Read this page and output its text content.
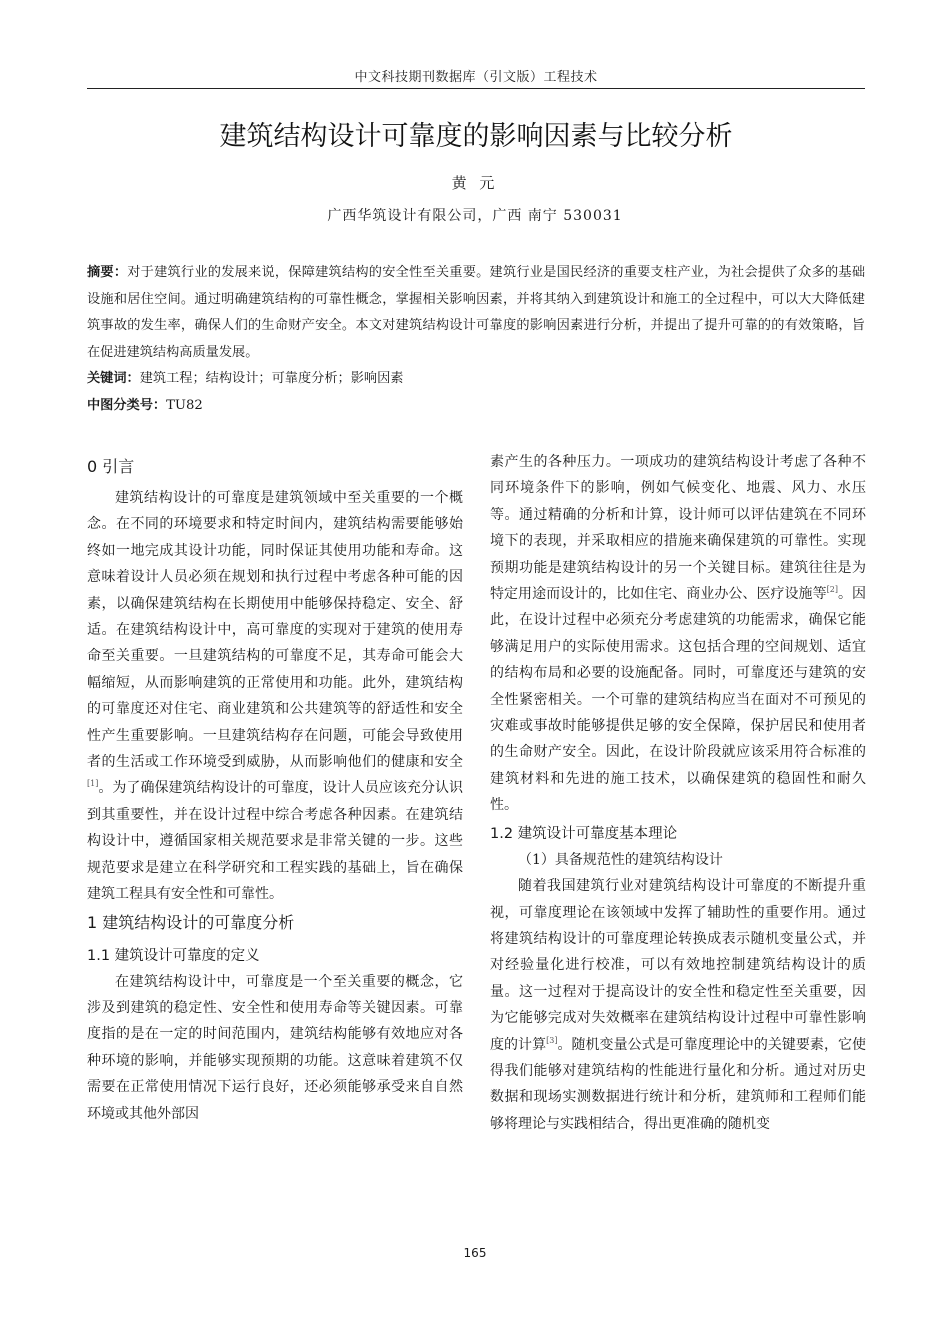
中文科技期刊数据库（引文版）工程技术
建筑结构设计可靠度的影响因素与比较分析
黄 元
广西华筑设计有限公司，广西 南宁 530031

摘要：对于建筑行业的发展来说，保障建筑结构的安全性至关重要。建筑行业是国民经济的重要支柱产业，为社会提供了众多的基础设施和居住空间。通过明确建筑结构的可靠性概念，掌握相关影响因素，并将其纳入到建筑设计和施工的全过程中，可以大大降低建筑事故的发生率，确保人们的生命财产安全。本文对建筑结构设计可靠度的影响因素进行分析，并提出了提升可靠的的有效策略，旨在促进建筑结构高质量发展。

关键词：建筑工程；结构设计；可靠度分析；影响因素

中图分类号：TU82

0 引言

建筑结构设计的可靠度是建筑领域中至关重要的一个概念。在不同的环境要求和特定时间内，建筑结构需要能够始终如一地完成其设计功能，同时保证其使用功能和寿命。这意味着设计人员必须在规划和执行过程中考虑各种可能的因素，以确保建筑结构在长期使用中能够保持稳定、安全、舒适。在建筑结构设计中，高可靠度的实现对于建筑的使用寿命至关重要。一旦建筑结构的可靠度不足，其寿命可能会大幅缩短，从而影响建筑的正常使用和功能。此外，建筑结构的可靠度还对住宅、商业建筑和公共建筑等的舒适性和安全性产生重要影响。一旦建筑结构存在问题，可能会导致使用者的生活或工作环境受到威胁，从而影响他们的健康和安全[1]。为了确保建筑结构设计的可靠度，设计人员应该充分认识到其重要性，并在设计过程中综合考虑各种因素。在建筑结构设计中，遵循国家相关规范要求是非常关键的一步。这些规范要求是建立在科学研究和工程实践的基础上，旨在确保建筑工程具有安全性和可靠性。

1 建筑结构设计的可靠度分析

1.1 建筑设计可靠度的定义

在建筑结构设计中，可靠度是一个至关重要的概念，它涉及到建筑的稳定性、安全性和使用寿命等关键因素。可靠度指的是在一定的时间范围内，建筑结构能够有效地应对各种环境的影响，并能够实现预期的功能。这意味着建筑不仅需要在正常使用情况下运行良好，还必须能够承受来自自然环境或其他外部因

素产生的各种压力。一项成功的建筑结构设计考虑了各种不同环境条件下的影响，例如气候变化、地震、风力、水压等。通过精确的分析和计算，设计师可以评估建筑在不同环境下的表现，并采取相应的措施来确保建筑的可靠性。实现预期功能是建筑结构设计的另一个关键目标。建筑往往是为特定用途而设计的，比如住宅、商业办公、医疗设施等[2]。因此，在设计过程中必须充分考虑建筑的功能需求，确保它能够满足用户的实际使用需求。这包括合理的空间规划、适宜的结构布局和必要的设施配备。同时，可靠度还与建筑的安全性紧密相关。一个可靠的建筑结构应当在面对不可预见的灾难或事故时能够提供足够的安全保障，保护居民和使用者的生命财产安全。因此，在设计阶段就应该采用符合标准的建筑材料和先进的施工技术，以确保建筑的稳固性和耐久性。

1.2 建筑设计可靠度基本理论

（1）具备规范性的建筑结构设计

随着我国建筑行业对建筑结构设计可靠度的不断提升重视，可靠度理论在该领域中发挥了辅助性的重要作用。通过将建筑结构设计的可靠度理论转换成表示随机变量公式，并对经验量化进行校准，可以有效地控制建筑结构设计的质量。这一过程对于提高设计的安全性和稳定性至关重要，因为它能够完成对失效概率在建筑结构设计过程中可靠性影响度的计算[3]。随机变量公式是可靠度理论中的关键要素，它使得我们能够对建筑结构的性能进行量化和分析。通过对历史数据和现场实测数据进行统计和分析，建筑师和工程师们能够将理论与实践相结合，得出更准确的随机变

165
